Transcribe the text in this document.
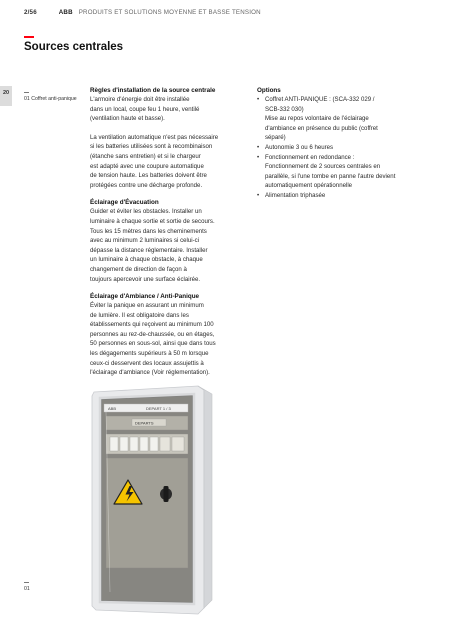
2/56	ABB PRODUITS ET SOLUTIONS MOYENNE ET BASSE TENSION
Sources centrales
20
01 Coffret anti-panique
01
Règles d'installation de la source centrale
L'armoire d'énergie doit être installée
dans un local, coupe feu 1 heure, ventilé
(ventilation haute et basse).
La ventilation automatique n'est pas nécessaire
si les batteries utilisées sont à recombinaison
(étanche sans entretien) et si le chargeur
est adapté avec une coupure automatique
de tension haute. Les batteries doivent être
protégées contre une décharge profonde.
Éclairage d'Évacuation
Guider et éviter les obstacles. Installer un
luminaire à chaque sortie et sortie de secours.
Tous les 15 mètres dans les cheminements
avec au minimum 2 luminaires si celui-ci
dépasse la distance réglementaire. Installer
un luminaire à chaque obstacle, à chaque
changement de direction de façon à
toujours apercevoir une surface éclairée.
Éclairage d'Ambiance / Anti-Panique
Éviter la panique en assurant un minimum
de lumière. Il est obligatoire dans les
établissements qui reçoivent au minimum 100
personnes au rez-de-chaussée, ou en étages,
50 personnes en sous-sol, ainsi que dans tous
les dégagements supérieurs à 50 m lorsque
ceux-ci desservent des locaux assujettis à
l'éclairage d'ambiance (Voir réglementation).
Options
• Coffret ANTI-PANIQUE : (SCA-332 029 /
SCB-332 030)
Mise au repos volontaire de l'éclairage
d'ambiance en présence du public (coffret
séparé)
• Autonomie 3 ou 6 heures
• Fonctionnement en redondance :
Fonctionnement de 2 sources centrales en
parallèle, si l'une tombe en panne l'autre devient
automatiquement opérationnelle
• Alimentation triphasée
ABB	DEPART 1 / 3
DEPARTS
